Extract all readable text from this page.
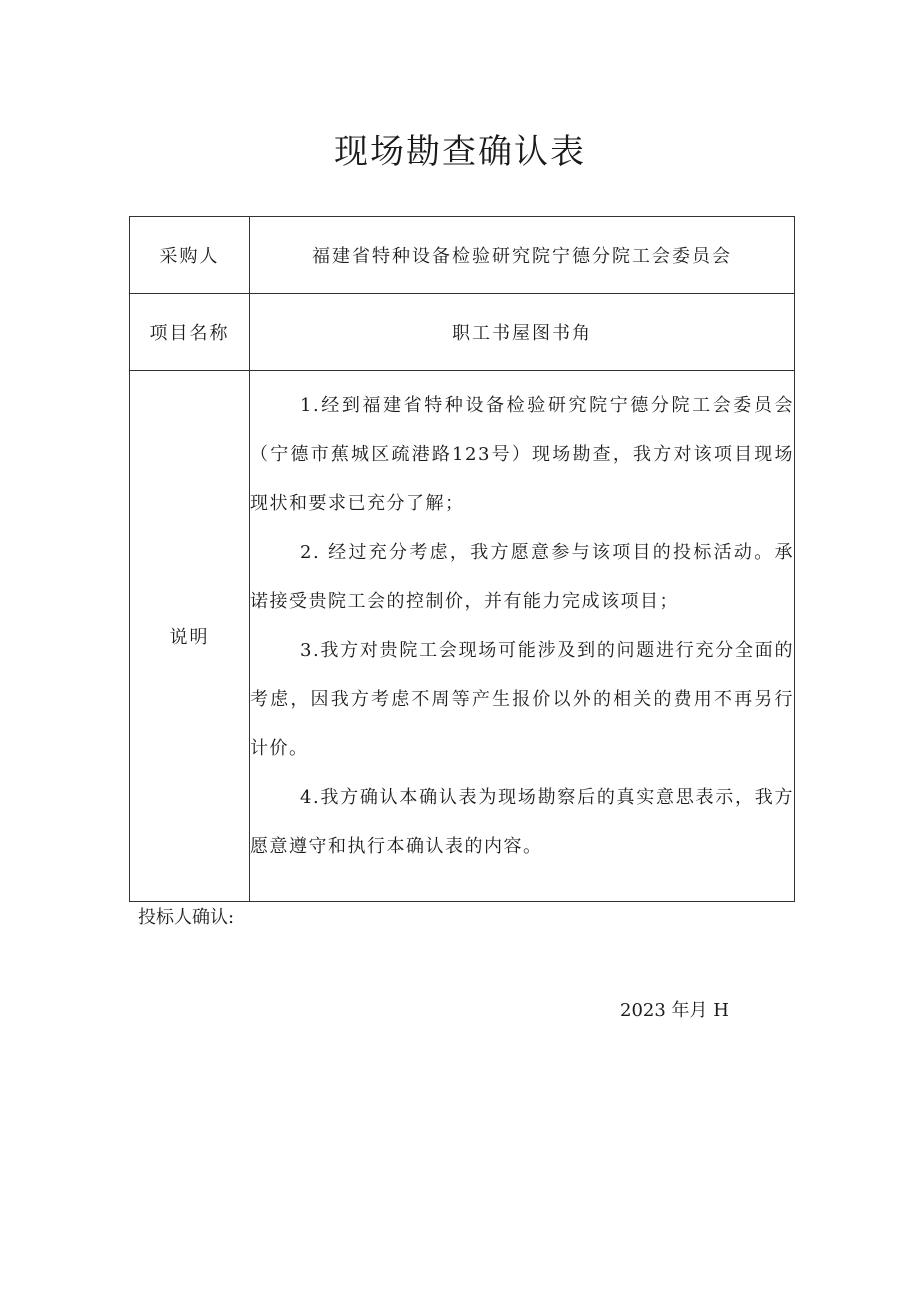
现场勘查确认表
采购人	福建省特种设备检验研究院宁德分院工会委员会
项目名称	职工书屋图书角
说明

1.经到福建省特种设备检验研究院宁德分院工会委员会（宁德市蕉城区疏港路123号）现场勘查，我方对该项目现场现状和要求已充分了解；

2. 经过充分考虑，我方愿意参与该项目的投标活动。承诺接受贵院工会的控制价，并有能力完成该项目；

3.我方对贵院工会现场可能涉及到的问题进行充分全面的考虑，因我方考虑不周等产生报价以外的相关的费用不再另行计价。

4.我方确认本确认表为现场勘察后的真实意思表示，我方愿意遵守和执行本确认表的内容。

投标人确认:
2023 年月 H
